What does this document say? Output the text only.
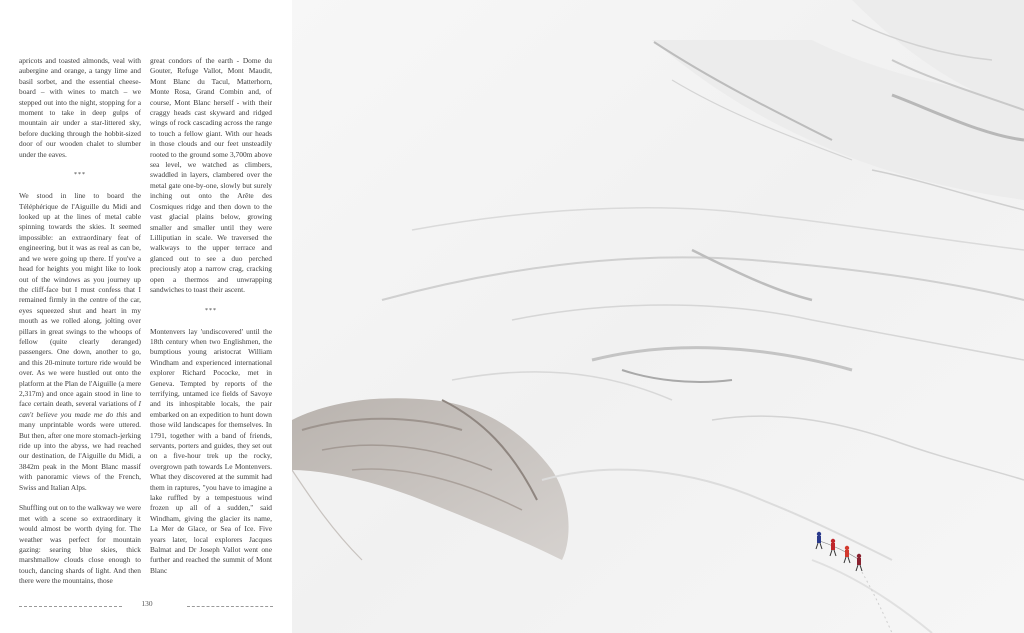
apricots and toasted almonds, veal with aubergine and orange, a tangy lime and basil sorbet, and the essential cheese-board – with wines to match – we stepped out into the night, stopping for a moment to take in deep gulps of mountain air under a star-littered sky, before ducking through the hobbit-sized door of our wooden chalet to slumber under the eaves.

***

We stood in line to board the Téléphérique de l'Aiguille du Midi and looked up at the lines of metal cable spinning towards the skies. It seemed impossible: an extraordinary feat of engineering, but it was as real as can be, and we were going up there. If you've a head for heights you might like to look out of the windows as you journey up the cliff-face but I must confess that I remained firmly in the centre of the car, eyes squeezed shut and heart in my mouth as we rolled along, jolting over pillars in great swings to the whoops of fellow (quite clearly deranged) passengers. One down, another to go, and this 20-minute torture ride would be over. As we were hustled out onto the platform at the Plan de l'Aiguille (a mere 2,317m) and once again stood in line to face certain death, several variations of I can't believe you made me do this and many unprintable words were uttered. But then, after one more stomach-jerking ride up into the abyss, we had reached our destination, de l'Aiguille du Midi, a 3842m peak in the Mont Blanc massif with panoramic views of the French, Swiss and Italian Alps.

Shuffling out on to the walkway we were met with a scene so extraordinary it would almost be worth dying for. The weather was perfect for mountain gazing: searing blue skies, thick marshmallow clouds close enough to touch, dancing shards of light. And then there were the mountains, those

great condors of the earth - Dome du Gouter, Refuge Vallot, Mont Maudit, Mont Blanc du Tacul, Matterhorn, Monte Rosa, Grand Combin and, of course, Mont Blanc herself - with their craggy heads cast skyward and ridged wings of rock cascading across the range to touch a fellow giant. With our heads in those clouds and our feet unsteadily rooted to the ground some 3,700m above sea level, we watched as climbers, swaddled in layers, clambered over the metal gate one-by-one, slowly but surely inching out onto the Arête des Cosmiques ridge and then down to the vast glacial plains below, growing smaller and smaller until they were Lilliputian in scale. We traversed the walkways to the upper terrace and glanced out to see a duo perched preciously atop a narrow crag, cracking open a thermos and unwrapping sandwiches to toast their ascent.

***

Montenvers lay 'undiscovered' until the 18th century when two Englishmen, the bumptious young aristocrat William Windham and experienced international explorer Richard Pococke, met in Geneva. Tempted by reports of the terrifying, untamed ice fields of Savoye and its inhospitable locals, the pair embarked on an expedition to hunt down those wild landscapes for themselves. In 1791, together with a band of friends, servants, porters and guides, they set out on a five-hour trek up the rocky, overgrown path towards Le Montenvers. What they discovered at the summit had them in raptures, "you have to imagine a lake ruffled by a tempestuous wind frozen up all of a sudden," said Windham, giving the glacier its name, La Mer de Glace, or Sea of Ice. Five years later, local explorers Jacques Balmat and Dr Joseph Vallot went one further and reached the summit of Mont Blanc

130
